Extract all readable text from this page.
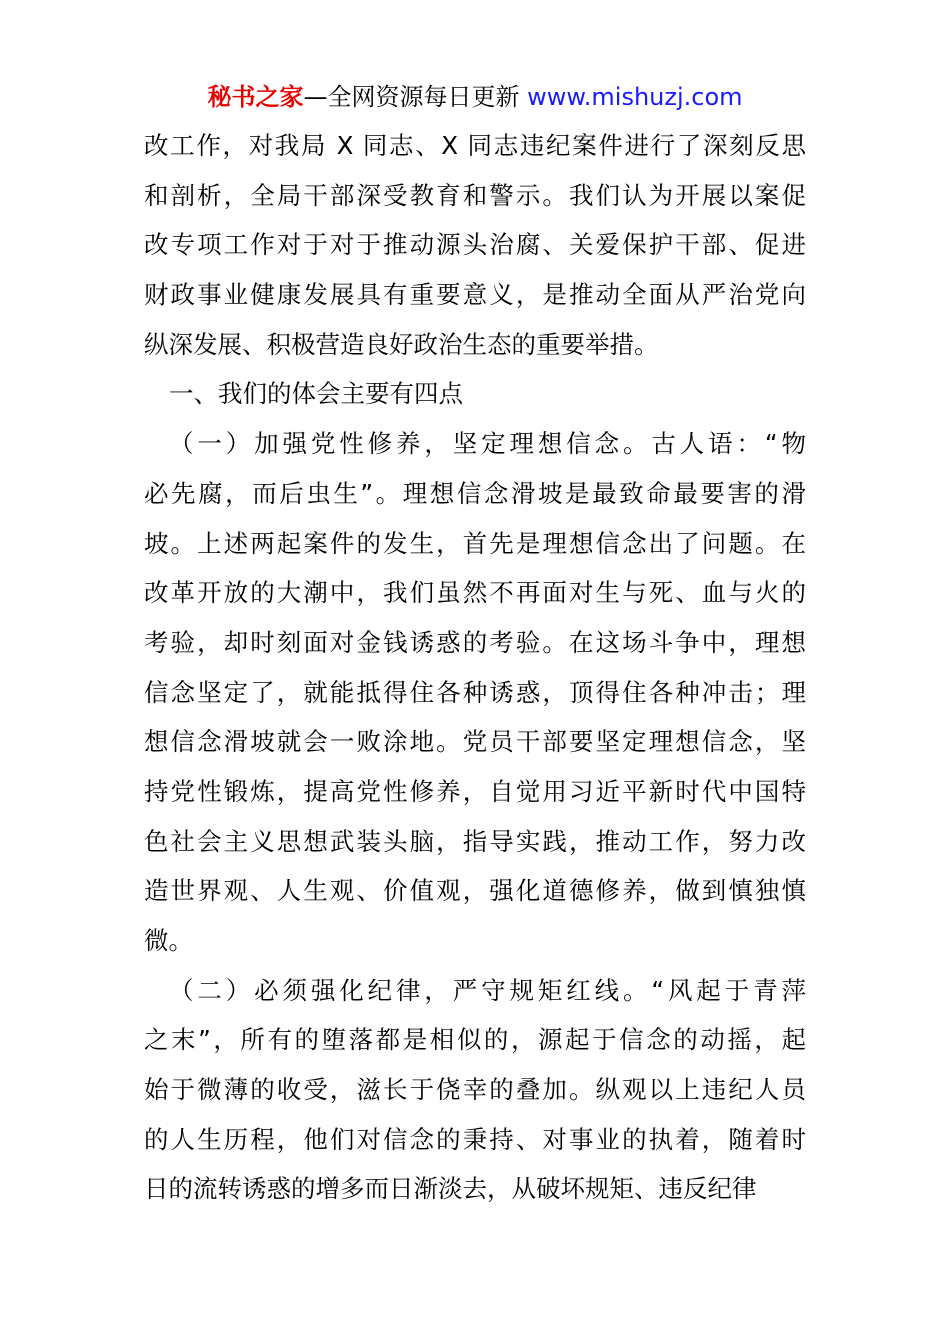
秘书之家—全网资源每日更新 www.mishuzj.com
改工作，对我局 X 同志、X 同志违纪案件进行了深刻反思
和剖析，全局干部深受教育和警示。我们认为开展以案促
改专项工作对于对于推动源头治腐、关爱保护干部、促进
财政事业健康发展具有重要意义，是推动全面从严治党向
纵深发展、积极营造良好政治生态的重要举措。
一、我们的体会主要有四点
（一）加强党性修养，坚定理想信念。古人语：“物
必先腐，而后虫生”。理想信念滑坡是最致命最要害的滑
坡。上述两起案件的发生，首先是理想信念出了问题。在
改革开放的大潮中，我们虽然不再面对生与死、血与火的
考验，却时刻面对金钱诱惑的考验。在这场斗争中，理想
信念坚定了，就能抵得住各种诱惑，顶得住各种冲击；理
想信念滑坡就会一败涂地。党员干部要坚定理想信念，坚
持党性锻炼，提高党性修养，自觉用习近平新时代中国特
色社会主义思想武装头脑，指导实践，推动工作，努力改
造世界观、人生观、价值观，强化道德修养，做到慎独慎
微。
（二）必须强化纪律，严守规矩红线。“风起于青萍
之末”，所有的堕落都是相似的，源起于信念的动摇，起
始于微薄的收受，滋长于侥幸的叠加。纵观以上违纪人员
的人生历程，他们对信念的秉持、对事业的执着，随着时
日的流转诱惑的增多而日渐淡去，从破坏规矩、违反纪律
